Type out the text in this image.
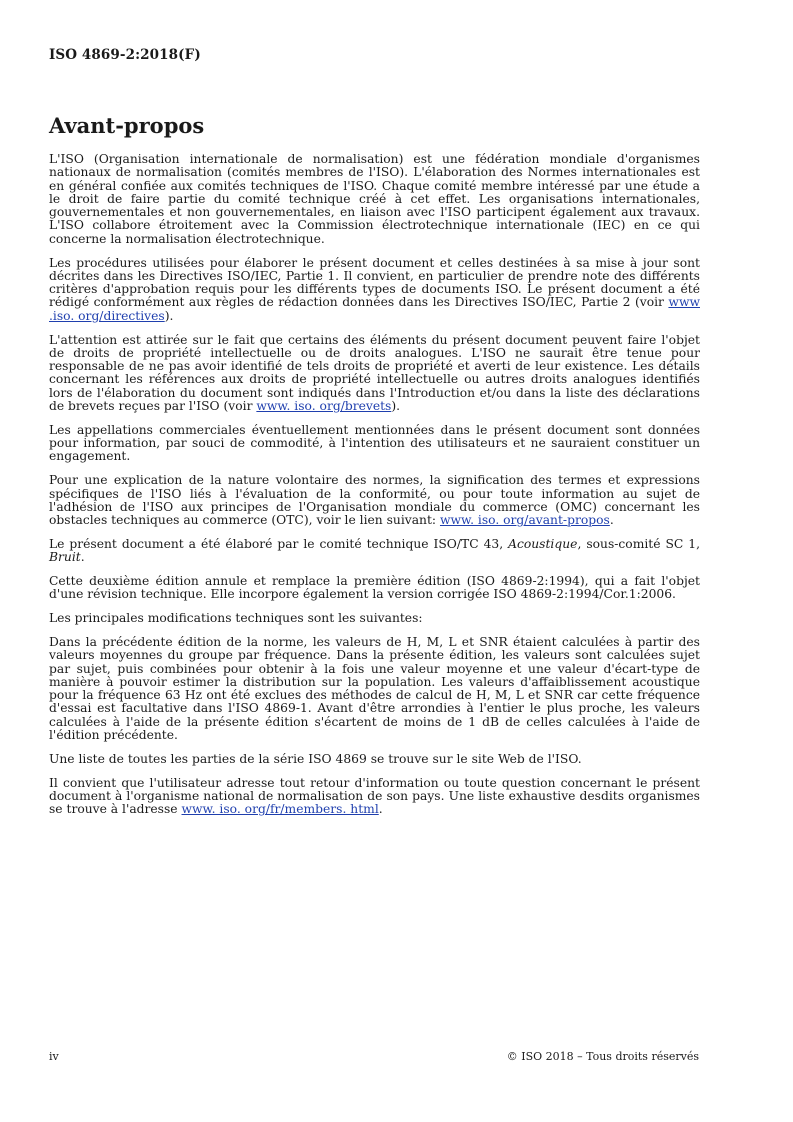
ISO 4869-2:2018(F)
Avant-propos

L'ISO (Organisation internationale de normalisation) est une fédération mondiale d'organismes nationaux de normalisation (comités membres de l'ISO). L'élaboration des Normes internationales est en général confiée aux comités techniques de l'ISO. Chaque comité membre intéressé par une étude a le droit de faire partie du comité technique créé à cet effet. Les organisations internationales, gouvernementales et non gouvernementales, en liaison avec l'ISO participent également aux travaux. L'ISO collabore étroitement avec la Commission électrotechnique internationale (IEC) en ce qui concerne la normalisation électrotechnique.

Les procédures utilisées pour élaborer le présent document et celles destinées à sa mise à jour sont décrites dans les Directives ISO/IEC, Partie 1. Il convient, en particulier de prendre note des différents critères d'approbation requis pour les différents types de documents ISO. Le présent document a été rédigé conformément aux règles de rédaction données dans les Directives ISO/IEC, Partie 2 (voir www .iso. org/directives).

L'attention est attirée sur le fait que certains des éléments du présent document peuvent faire l'objet de droits de propriété intellectuelle ou de droits analogues. L'ISO ne saurait être tenue pour responsable de ne pas avoir identifié de tels droits de propriété et averti de leur existence. Les détails concernant les références aux droits de propriété intellectuelle ou autres droits analogues identifiés lors de l'élaboration du document sont indiqués dans l'Introduction et/ou dans la liste des déclarations de brevets reçues par l'ISO (voir www. iso. org/brevets).

Les appellations commerciales éventuellement mentionnées dans le présent document sont données pour information, par souci de commodité, à l'intention des utilisateurs et ne sauraient constituer un engagement.

Pour une explication de la nature volontaire des normes, la signification des termes et expressions spécifiques de l'ISO liés à l'évaluation de la conformité, ou pour toute information au sujet de l'adhésion de l'ISO aux principes de l'Organisation mondiale du commerce (OMC) concernant les obstacles techniques au commerce (OTC), voir le lien suivant: www. iso. org/avant-propos.

Le présent document a été élaboré par le comité technique ISO/TC 43, Acoustique, sous-comité SC 1, Bruit.

Cette deuxième édition annule et remplace la première édition (ISO 4869-2:1994), qui a fait l'objet d'une révision technique. Elle incorpore également la version corrigée ISO 4869-2:1994/Cor.1:2006.

Les principales modifications techniques sont les suivantes:

Dans la précédente édition de la norme, les valeurs de H, M, L et SNR étaient calculées à partir des valeurs moyennes du groupe par fréquence. Dans la présente édition, les valeurs sont calculées sujet par sujet, puis combinées pour obtenir à la fois une valeur moyenne et une valeur d'écart-type de manière à pouvoir estimer la distribution sur la population. Les valeurs d'affaiblissement acoustique pour la fréquence 63 Hz ont été exclues des méthodes de calcul de H, M, L et SNR car cette fréquence d'essai est facultative dans l'ISO 4869-1. Avant d'être arrondies à l'entier le plus proche, les valeurs calculées à l'aide de la présente édition s'écartent de moins de 1 dB de celles calculées à l'aide de l'édition précédente.

Une liste de toutes les parties de la série ISO 4869 se trouve sur le site Web de l'ISO.

Il convient que l'utilisateur adresse tout retour d'information ou toute question concernant le présent document à l'organisme national de normalisation de son pays. Une liste exhaustive desdits organismes se trouve à l'adresse www. iso. org/fr/members. html.

iv	© ISO 2018 – Tous droits réservés
